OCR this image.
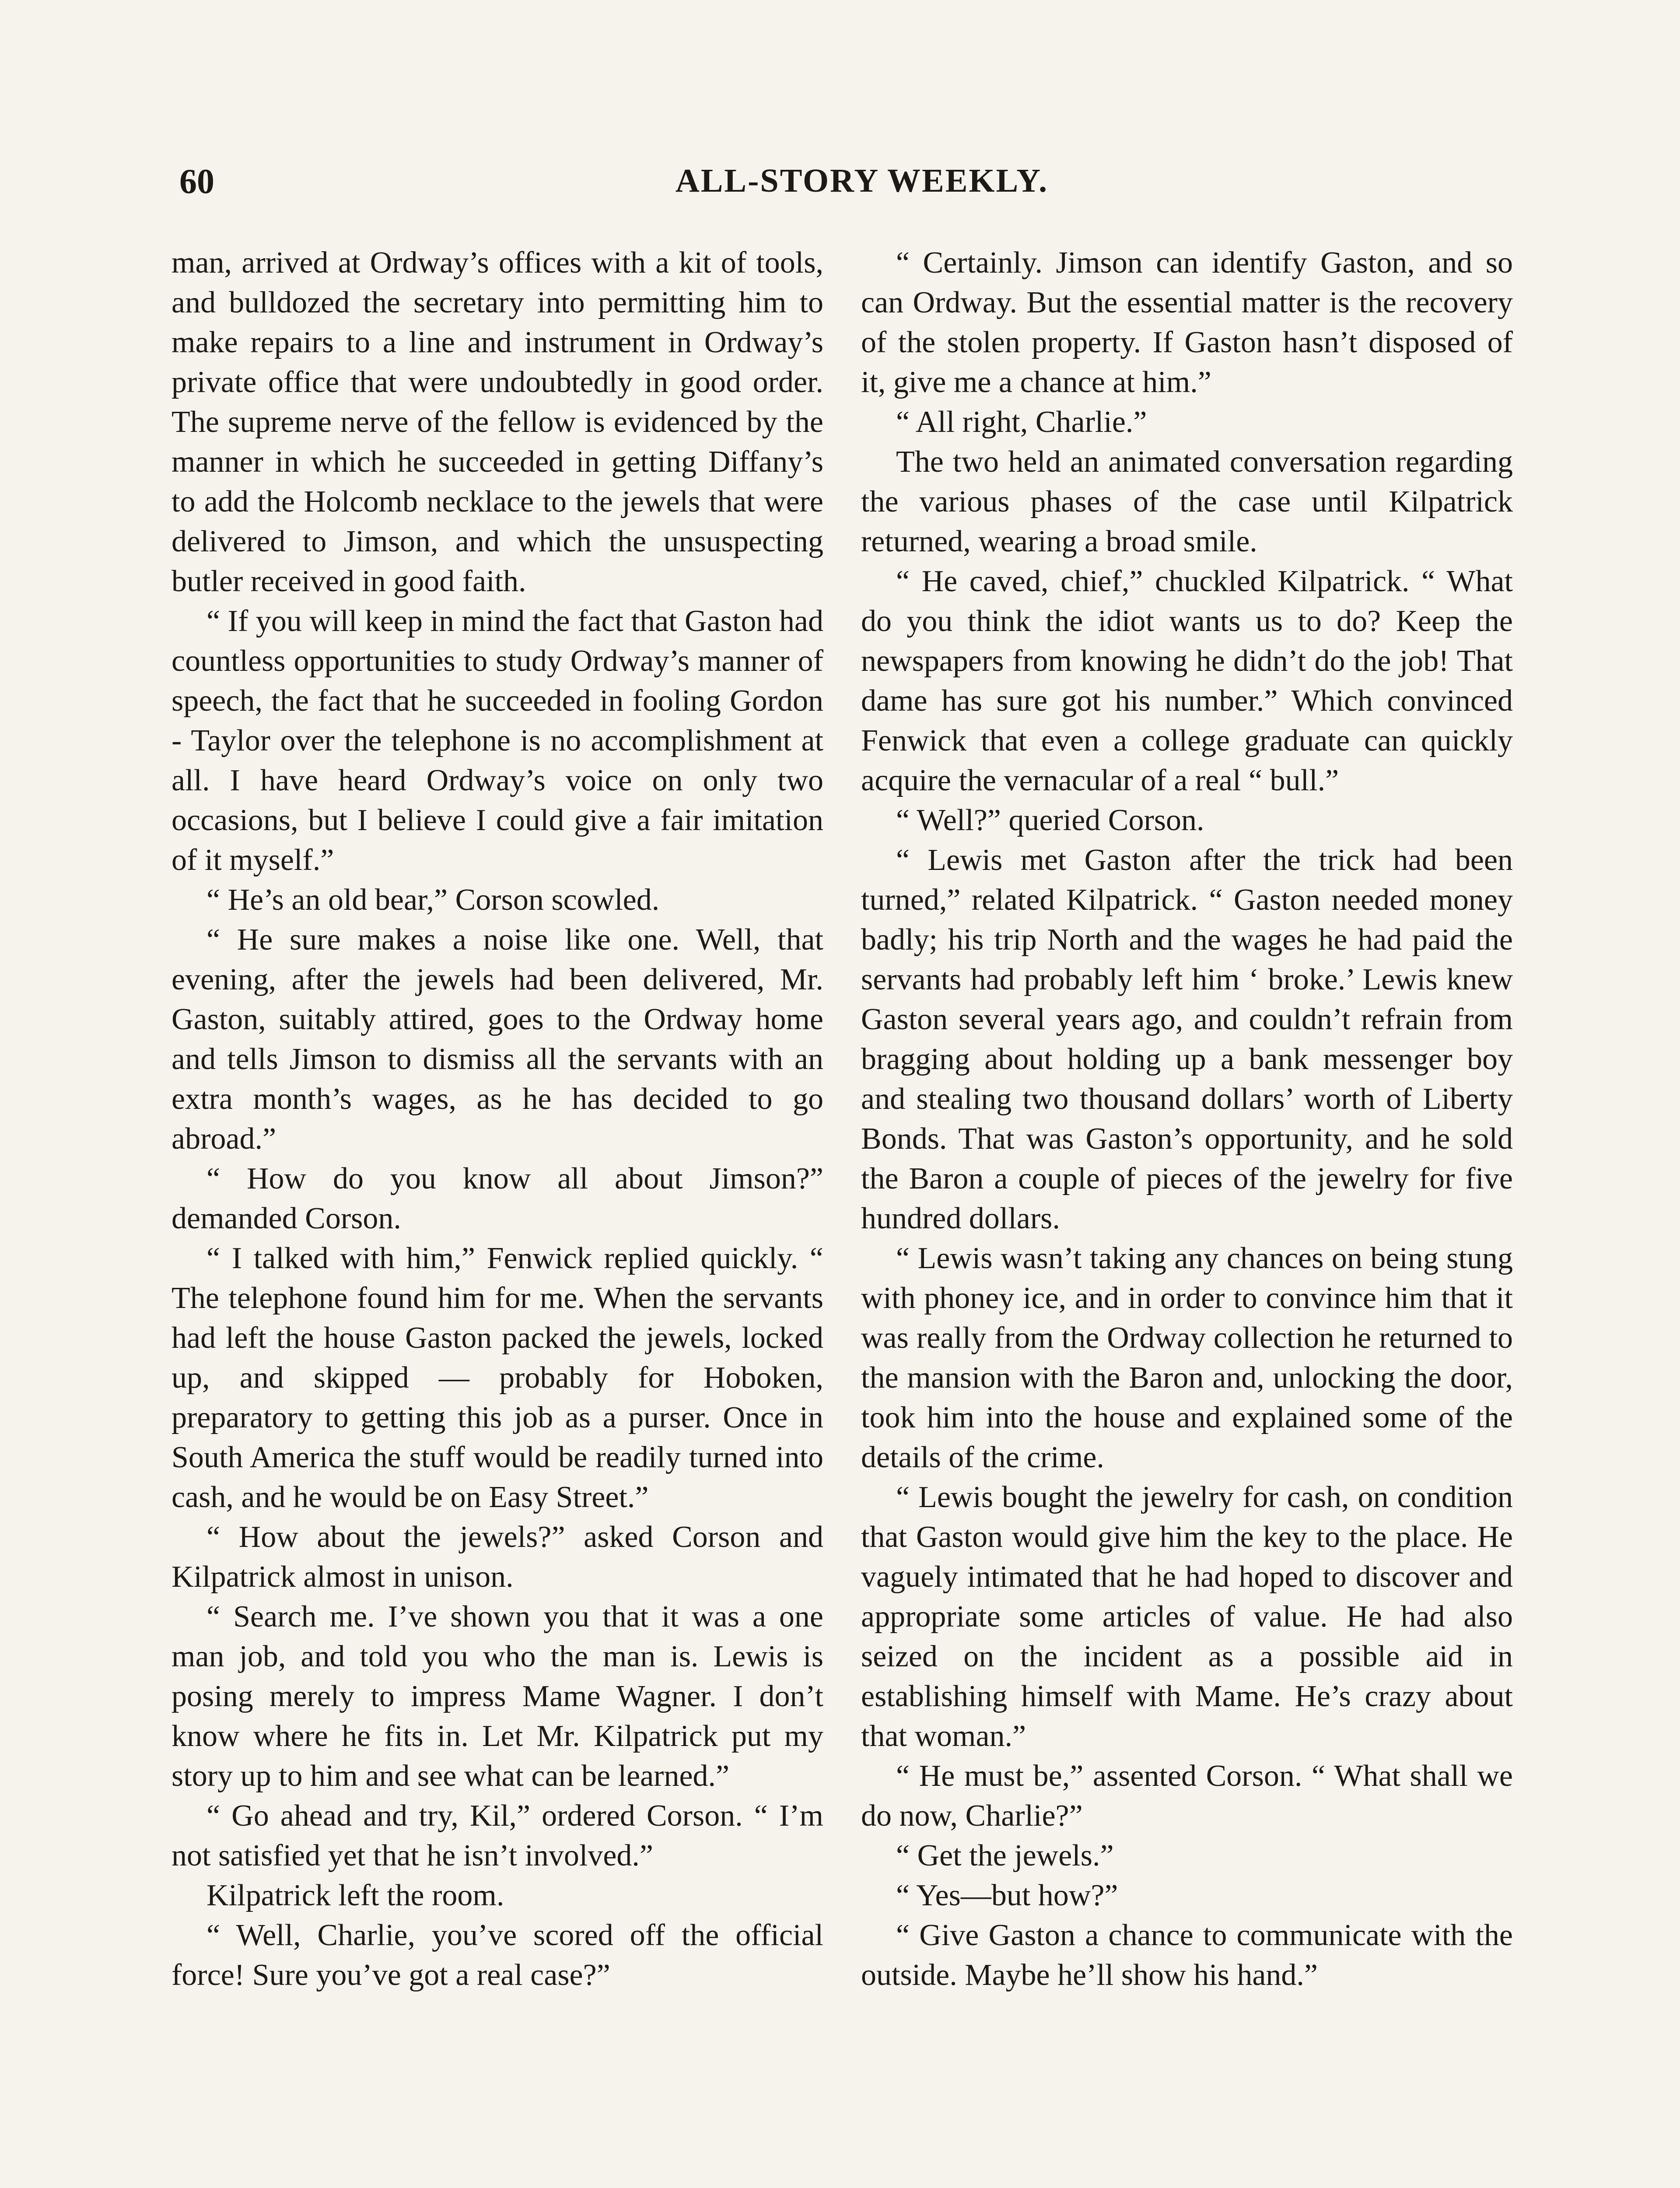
60	ALL-STORY WEEKLY.

man, arrived at Ordway’s offices with a kit of tools, and bulldozed the secretary into permitting him to make repairs to a line and instrument in Ordway’s private office that were undoubtedly in good order. The supreme nerve of the fellow is evidenced by the manner in which he succeeded in getting Diffany’s to add the Holcomb necklace to the jewels that were delivered to Jimson, and which the unsuspecting butler received in good faith.

“ If you will keep in mind the fact that Gaston had countless opportunities to study Ordway’s manner of speech, the fact that he succeeded in fooling Gordon - Taylor over the telephone is no accomplishment at all. I have heard Ordway’s voice on only two occasions, but I believe I could give a fair imitation of it myself.”

“ He’s an old bear,” Corson scowled.

“ He sure makes a noise like one. Well, that evening, after the jewels had been delivered, Mr. Gaston, suitably attired, goes to the Ordway home and tells Jimson to dismiss all the servants with an extra month’s wages, as he has decided to go abroad.”

“ How do you know all about Jimson?” demanded Corson.

“ I talked with him,” Fenwick replied quickly. “ The telephone found him for me. When the servants had left the house Gaston packed the jewels, locked up, and skipped — probably for Hoboken, preparatory to getting this job as a purser. Once in South America the stuff would be readily turned into cash, and he would be on Easy Street.”

“ How about the jewels?” asked Corson and Kilpatrick almost in unison.

“ Search me. I’ve shown you that it was a one man job, and told you who the man is. Lewis is posing merely to impress Mame Wagner. I don’t know where he fits in. Let Mr. Kilpatrick put my story up to him and see what can be learned.”

“ Go ahead and try, Kil,” ordered Corson. “ I’m not satisfied yet that he isn’t involved.”

Kilpatrick left the room.

“ Well, Charlie, you’ve scored off the official force! Sure you’ve got a real case?”

“ Certainly. Jimson can identify Gaston, and so can Ordway. But the essential matter is the recovery of the stolen property. If Gaston hasn’t disposed of it, give me a chance at him.”

“ All right, Charlie.”

The two held an animated conversation regarding the various phases of the case until Kilpatrick returned, wearing a broad smile.

“ He caved, chief,” chuckled Kilpatrick. “ What do you think the idiot wants us to do? Keep the newspapers from knowing he didn’t do the job! That dame has sure got his number.” Which convinced Fenwick that even a college graduate can quickly acquire the vernacular of a real “ bull.”

“ Well?” queried Corson.

“ Lewis met Gaston after the trick had been turned,” related Kilpatrick. “ Gaston needed money badly; his trip North and the wages he had paid the servants had probably left him ‘ broke.’ Lewis knew Gaston several years ago, and couldn’t refrain from bragging about holding up a bank messenger boy and stealing two thousand dollars’ worth of Liberty Bonds. That was Gaston’s opportunity, and he sold the Baron a couple of pieces of the jewelry for five hundred dollars.

“ Lewis wasn’t taking any chances on being stung with phoney ice, and in order to convince him that it was really from the Ordway collection he returned to the mansion with the Baron and, unlocking the door, took him into the house and explained some of the details of the crime.

“ Lewis bought the jewelry for cash, on condition that Gaston would give him the key to the place. He vaguely intimated that he had hoped to discover and appropriate some articles of value. He had also seized on the incident as a possible aid in establishing himself with Mame. He’s crazy about that woman.”

“ He must be,” assented Corson. “ What shall we do now, Charlie?”

“ Get the jewels.”

“ Yes—but how?”

“ Give Gaston a chance to communicate with the outside. Maybe he’ll show his hand.”
